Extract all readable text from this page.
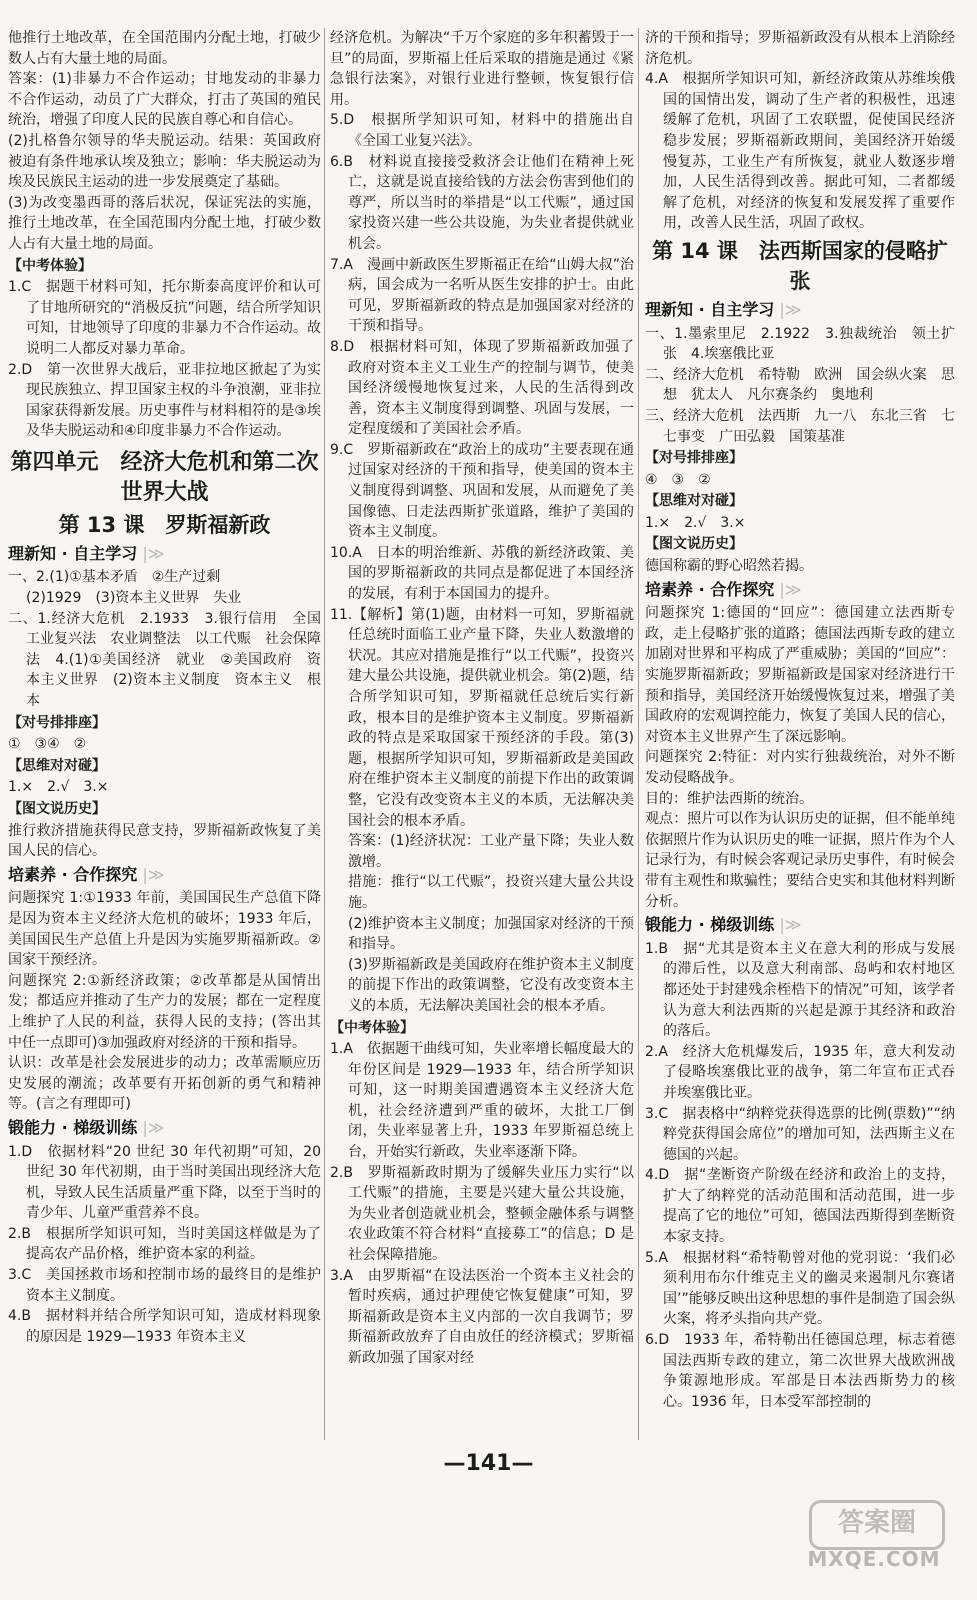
他推行土地改革，在全国范围内分配土地，打破少数人占有大量土地的局面。

答案：(1)非暴力不合作运动；甘地发动的非暴力不合作运动，动员了广大群众，打击了英国的殖民统治，增强了印度人民的民族自尊心和自信心。

(2)扎格鲁尔领导的华夫脱运动。结果：英国政府被迫有条件地承认埃及独立；影响：华夫脱运动为埃及民族民主运动的进一步发展奠定了基础。

(3)为改变墨西哥的落后状况，保证宪法的实施，推行土地改革，在全国范围内分配土地，打破少数人占有大量土地的局面。

【 中考体验 】

1.C　据题干材料可知，托尔斯泰高度评价和认可了甘地所研究的“消极反抗”问题，结合所学知识可知，甘地领导了印度的非暴力不合作运动。故说明二人都反对暴力革命。

2.D　第一次世界大战后，亚非拉地区掀起了为实现民族独立、捍卫国家主权的斗争浪潮，亚非拉国家获得新发展。历史事件与材料相符的是③埃及华夫脱运动和④印度非暴力不合作运动。

第四单元　经济大危机和第二次世界大战

第 13 课　罗斯福新政

理新知 · 自主学习 |≫

一、2.(1)①基本矛盾　②生产过剩

(2)1929　(3)资本主义世界　失业

二、1.经济大危机　2.1933　3.银行信用　全国工业复兴法　农业调整法　以工代赈　社会保障法　4.(1)①美国经济　就业　②美国政府　资本主义世界　(2)资本主义制度　资本主义　根本

【 对号排排座 】

①　③④　②

【 思维对对碰 】

1.×　2.√　3.×

【 图文说历史 】

推行救济措施获得民意支持，罗斯福新政恢复了美国人民的信心。

培素养 · 合作探究 |≫

问题探究 1:①1933 年前，美国国民生产总值下降是因为资本主义经济大危机的破坏；1933 年后，美国国民生产总值上升是因为实施罗斯福新政。②国家干预经济。

问题探究 2:①新经济政策；②改革都是从国情出发；都适应并推动了生产力的发展；都在一定程度上维护了人民的利益，获得人民的支持；(答出其中任一点即可)③加强政府对经济的干预和指导。

认识：改革是社会发展进步的动力；改革需顺应历史发展的潮流；改革要有开拓创新的勇气和精神等。(言之有理即可)

锻能力 · 梯级训练 |≫

1.D　依据材料“20 世纪 30 年代初期”可知，20 世纪 30 年代初期，由于当时美国出现经济大危机，导致人民生活质量严重下降，以至于当时的青少年、儿童严重营养不良。

2.B　根据所学知识可知，当时美国这样做是为了提高农产品价格，维护资本家的利益。

3.C　美国拯救市场和控制市场的最终目的是维护资本主义制度。

4.B　据材料并结合所学知识可知，造成材料现象的原因是 1929—1933 年资本主义

经济危机。为解决“千万个家庭的多年积蓄毁于一旦”的局面，罗斯福上任后采取的措施是通过《紧急银行法案》，对银行业进行整顿，恢复银行信用。

5.D　根据所学知识可知，材料中的措施出自《全国工业复兴法》。

6.B　材料说直接接受救济会让他们在精神上死亡，这就是说直接给钱的方法会伤害到他们的尊严，所以当时的举措是“以工代赈”，通过国家投资兴建一些公共设施，为失业者提供就业机会。

7.A　漫画中新政医生罗斯福正在给“山姆大叔”治病，国会成为一名听从医生安排的护士。由此可见，罗斯福新政的特点是加强国家对经济的干预和指导。

8.D　根据材料可知，体现了罗斯福新政加强了政府对资本主义工业生产的控制与调节，使美国经济缓慢地恢复过来，人民的生活得到改善，资本主义制度得到调整、巩固与发展，一定程度缓和了美国社会矛盾。

9.C　罗斯福新政在“政治上的成功”主要表现在通过国家对经济的干预和指导，使美国的资本主义制度得到调整、巩固和发展，从而避免了美国像德、日走法西斯扩张道路，维护了美国的资本主义制度。

10.A　日本的明治维新、苏俄的新经济政策、美国的罗斯福新政的共同点是都促进了本国经济的发展，有利于本国国力的提升。

11.【解析】第(1)题，由材料一可知，罗斯福就任总统时面临工业产量下降，失业人数激增的状况。其应对措施是推行“以工代赈”，投资兴建大量公共设施，提供就业机会。第(2)题，结合所学知识可知，罗斯福就任总统后实行新政，根本目的是维护资本主义制度。罗斯福新政的特点是采取国家干预经济的手段。第(3)题，根据所学知识可知，罗斯福新政是美国政府在维护资本主义制度的前提下作出的政策调整，它没有改变资本主义的本质，无法解决美国社会的根本矛盾。

答案：(1)经济状况：工业产量下降；失业人数激增。

措施：推行“以工代赈”，投资兴建大量公共设施。

(2)维护资本主义制度；加强国家对经济的干预和指导。

(3)罗斯福新政是美国政府在维护资本主义制度的前提下作出的政策调整，它没有改变资本主义的本质，无法解决美国社会的根本矛盾。

【 中考体验 】

1.A　依据题干曲线可知，失业率增长幅度最大的年份区间是 1929—1933 年，结合所学知识可知，这一时期美国遭遇资本主义经济大危机，社会经济遭到严重的破坏，大批工厂倒闭，失业率显著上升，1933 年罗斯福总统上台，开始实行新政，失业率逐渐下降。

2.B　罗斯福新政时期为了缓解失业压力实行“以工代赈”的措施，主要是兴建大量公共设施，为失业者创造就业机会，整顿金融体系与调整农业政策不符合材料“直接募工”的信息；D 是社会保障措施。

3.A　由罗斯福“在设法医治一个资本主义社会的暂时疾病，通过护理使它恢复健康”可知，罗斯福新政是资本主义内部的一次自我调节；罗斯福新政放弃了自由放任的经济模式；罗斯福新政加强了国家对经

济的干预和指导；罗斯福新政没有从根本上消除经济危机。

4.A　根据所学知识可知，新经济政策从苏维埃俄国的国情出发，调动了生产者的积极性，迅速缓解了危机，巩固了工农联盟，促使国民经济稳步发展；罗斯福新政期间，美国经济开始缓慢复苏，工业生产有所恢复，就业人数逐步增加，人民生活得到改善。据此可知，二者都缓解了危机，对经济的恢复和发展发挥了重要作用，改善人民生活，巩固了政权。

第 14 课　法西斯国家的侵略扩张

理新知 · 自主学习 |≫

一、1.墨索里尼　2.1922　3.独裁统治　领土扩张　4.埃塞俄比亚

二、经济大危机　希特勒　欧洲　国会纵火案　思想　犹太人　凡尔赛条约　奥地利

三、经济大危机　法西斯　九一八　东北三省　七七事变　广田弘毅　国策基准

【 对号排排座 】

④　③　②

【 思维对对碰 】

1.×　2.√　3.×

【 图文说历史 】

德国称霸的野心昭然若揭。

培素养 · 合作探究 |≫

问题探究 1:德国的“回应”：德国建立法西斯专政，走上侵略扩张的道路；德国法西斯专政的建立加剧对世界和平构成了严重威胁；美国的“回应”：实施罗斯福新政；罗斯福新政是国家对经济进行干预和指导，美国经济开始缓慢恢复过来，增强了美国政府的宏观调控能力，恢复了美国人民的信心，对资本主义世界产生了深远影响。

问题探究 2:特征：对内实行独裁统治，对外不断发动侵略战争。

目的：维护法西斯的统治。

观点：照片可以作为认识历史的证据，但不能单纯依据照片作为认识历史的唯一证据，照片作为个人记录行为，有时候会客观记录历史事件，有时候会带有主观性和欺骗性；要结合史实和其他材料判断分析。

锻能力 · 梯级训练 |≫

1.B　据“尤其是资本主义在意大利的形成与发展的滞后性，以及意大利南部、岛屿和农村地区都还处于封建残余桎梏下的情况”可知，该学者认为意大利法西斯的兴起是源于其经济和政治的落后。

2.A　经济大危机爆发后，1935 年，意大利发动了侵略埃塞俄比亚的战争，第二年宣布正式吞并埃塞俄比亚。

3.C　据表格中“纳粹党获得选票的比例(票数)”“纳粹党获得国会席位”的增加可知，法西斯主义在德国的兴起。

4.D　据“垄断资产阶级在经济和政治上的支持，扩大了纳粹党的活动范围和活动范围，进一步提高了它的地位”可知，德国法西斯得到垄断资本家支持。

5.A　根据材料“希特勒曾对他的党羽说：‘我们必须利用布尔什维克主义的幽灵来遏制凡尔赛诸国’”能够反映出这种思想的事件是制造了国会纵火案，将矛头指向共产党。

6.D　1933 年，希特勒出任德国总理，标志着德国法西斯专政的建立，第二次世界大战欧洲战争策源地形成。军部是日本法西斯势力的核心。1936 年，日本受军部控制的

—141—
答案圈
MXQE.COM
